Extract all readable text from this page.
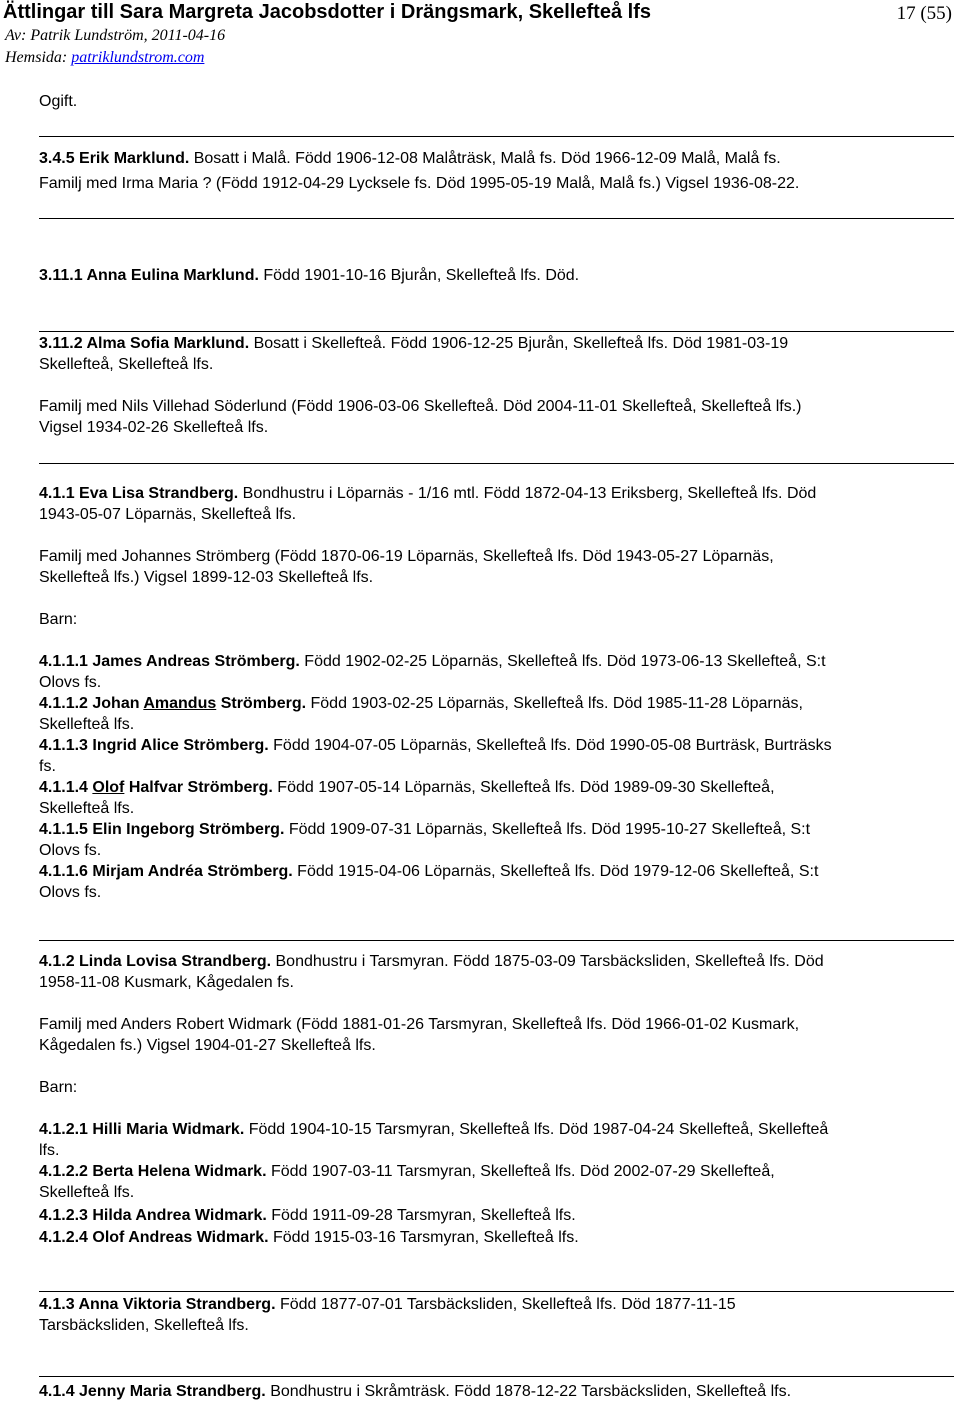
Ättlingar till Sara Margreta Jacobsdotter i Drängsmark, Skellefteå lfs	17 (55)
Av: Patrik Lundström, 2011-04-16
Hemsida: patriklundstrom.com
Ogift.
3.4.5 Erik Marklund. Bosatt i Malå. Född 1906-12-08 Malåträsk, Malå fs. Död 1966-12-09 Malå, Malå fs.
Familj med Irma Maria ? (Född 1912-04-29 Lycksele fs. Död 1995-05-19 Malå, Malå fs.) Vigsel 1936-08-22.
3.11.1 Anna Eulina Marklund. Född 1901-10-16 Bjurån, Skellefteå lfs. Död.
3.11.2 Alma Sofia Marklund. Bosatt i Skellefteå. Född 1906-12-25 Bjurån, Skellefteå lfs. Död 1981-03-19
Skellefteå, Skellefteå lfs.
Familj med Nils Villehad Söderlund (Född 1906-03-06 Skellefteå. Död 2004-11-01 Skellefteå, Skellefteå lfs.)
Vigsel 1934-02-26 Skellefteå lfs.
4.1.1 Eva Lisa Strandberg. Bondhustru i Löparnäs - 1/16 mtl. Född 1872-04-13 Eriksberg, Skellefteå lfs. Död
1943-05-07 Löparnäs, Skellefteå lfs.
Familj med Johannes Strömberg (Född 1870-06-19 Löparnäs, Skellefteå lfs. Död 1943-05-27 Löparnäs,
Skellefteå lfs.) Vigsel 1899-12-03 Skellefteå lfs.
Barn:
4.1.1.1 James Andreas Strömberg. Född 1902-02-25 Löparnäs, Skellefteå lfs. Död 1973-06-13 Skellefteå, S:t
Olovs fs.
4.1.1.2 Johan Amandus Strömberg. Född 1903-02-25 Löparnäs, Skellefteå lfs. Död 1985-11-28 Löparnäs,
Skellefteå lfs.
4.1.1.3 Ingrid Alice Strömberg. Född 1904-07-05 Löparnäs, Skellefteå lfs. Död 1990-05-08 Burträsk, Burträsks
fs.
4.1.1.4 Olof Halfvar Strömberg. Född 1907-05-14 Löparnäs, Skellefteå lfs. Död 1989-09-30 Skellefteå,
Skellefteå lfs.
4.1.1.5 Elin Ingeborg Strömberg. Född 1909-07-31 Löparnäs, Skellefteå lfs. Död 1995-10-27 Skellefteå, S:t
Olovs fs.
4.1.1.6 Mirjam Andréa Strömberg. Född 1915-04-06 Löparnäs, Skellefteå lfs. Död 1979-12-06 Skellefteå, S:t
Olovs fs.
4.1.2 Linda Lovisa Strandberg. Bondhustru i Tarsmyran. Född 1875-03-09 Tarsbäcksliden, Skellefteå lfs. Död
1958-11-08 Kusmark, Kågedalen fs.
Familj med Anders Robert Widmark (Född 1881-01-26 Tarsmyran, Skellefteå lfs. Död 1966-01-02 Kusmark,
Kågedalen fs.) Vigsel 1904-01-27 Skellefteå lfs.
Barn:
4.1.2.1 Hilli Maria Widmark. Född 1904-10-15 Tarsmyran, Skellefteå lfs. Död 1987-04-24 Skellefteå, Skellefteå
lfs.
4.1.2.2 Berta Helena Widmark. Född 1907-03-11 Tarsmyran, Skellefteå lfs. Död 2002-07-29 Skellefteå,
Skellefteå lfs.
4.1.2.3 Hilda Andrea Widmark. Född 1911-09-28 Tarsmyran, Skellefteå lfs.
4.1.2.4 Olof Andreas Widmark. Född 1915-03-16 Tarsmyran, Skellefteå lfs.
4.1.3 Anna Viktoria Strandberg. Född 1877-07-01 Tarsbäcksliden, Skellefteå lfs. Död 1877-11-15
Tarsbäcksliden, Skellefteå lfs.
4.1.4 Jenny Maria Strandberg. Bondhustru i Skråmträsk. Född 1878-12-22 Tarsbäcksliden, Skellefteå lfs.
